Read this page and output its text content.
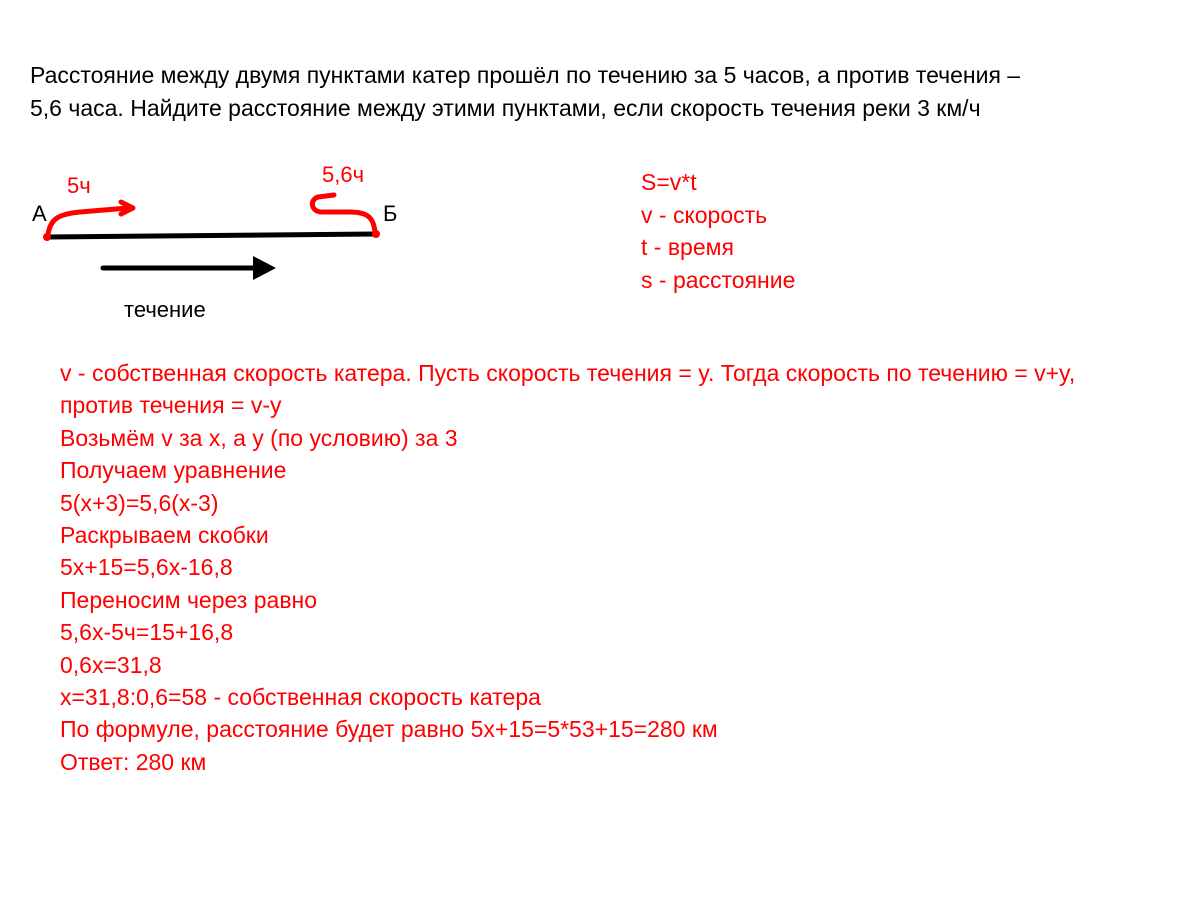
Расстояние между двумя пунктами катер прошёл по течению за 5 часов, а против течения –
5,6 часа. Найдите расстояние между этими пунктами, если скорость течения реки 3 км/ч
А	Б
5ч	5,6ч
течение
S=v*t
v - скорость
t - время
s - расстояние
v - собственная скорость катера. Пусть скорость течения = y. Тогда скорость по течению = v+y,
против течения = v-y
Возьмём v за x, а y (по условию) за 3
Получаем уравнение
5(x+3)=5,6(x-3)
Раскрываем скобки
5x+15=5,6x-16,8
Переносим через равно
5,6x-5ч=15+16,8
0,6x=31,8
x=31,8:0,6=58 - собственная скорость катера
По формуле, расстояние будет равно 5x+15=5*53+15=280 км
Ответ: 280 км
